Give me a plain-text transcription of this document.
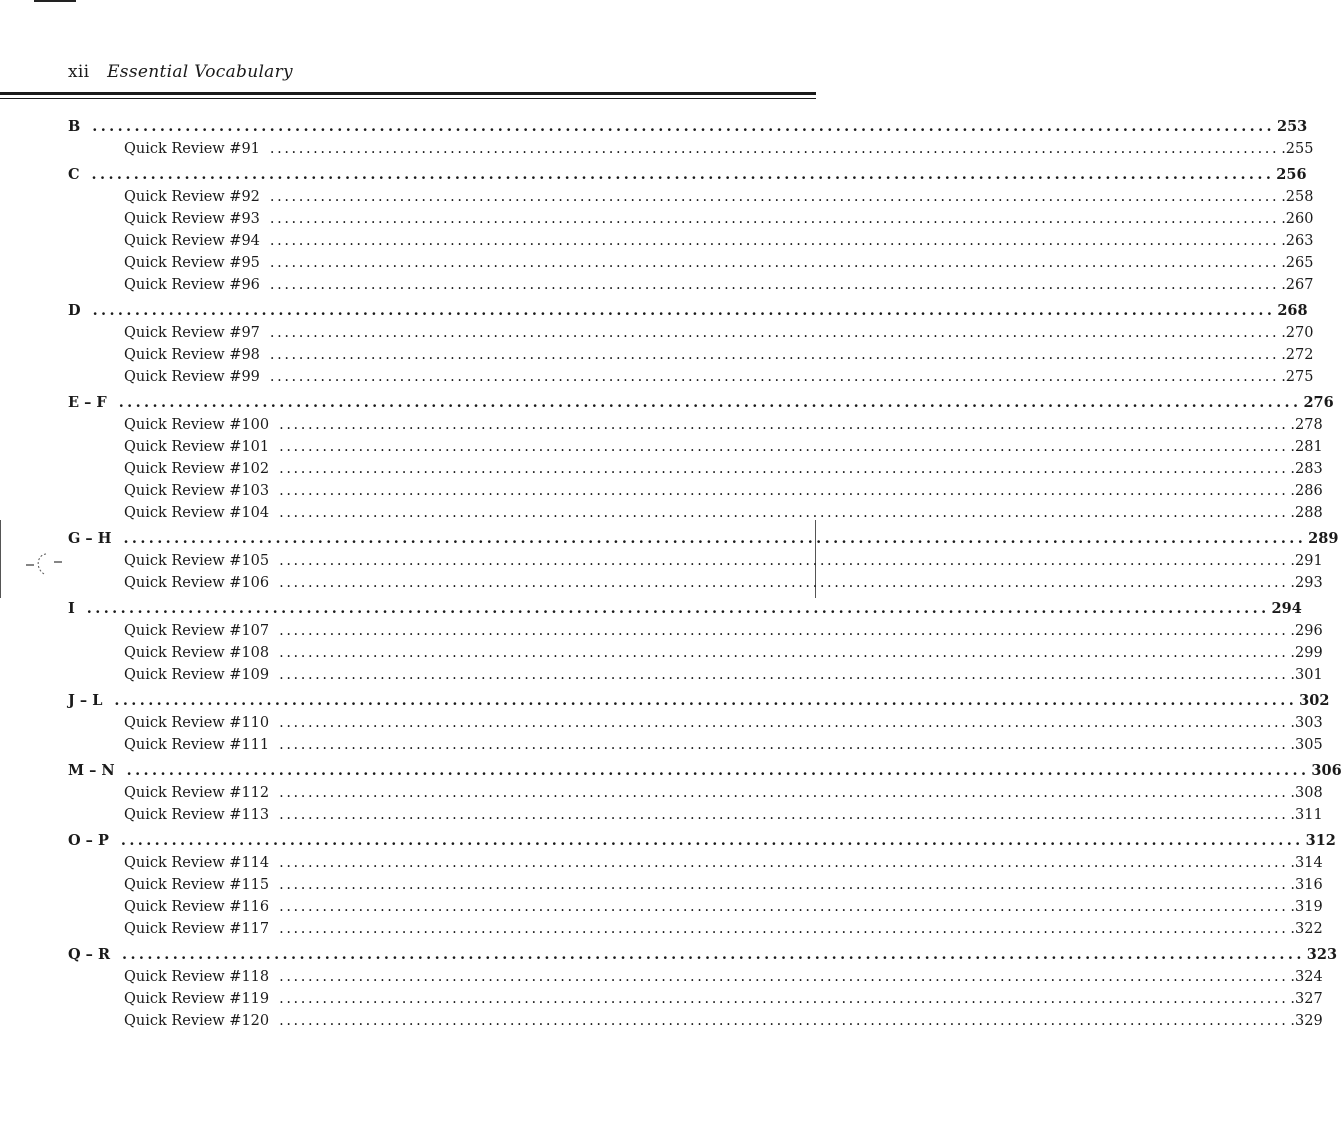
xii Essential Vocabulary
B ............................................................................................................................................ 253
Quick Review #91 ............................................................................................................................................ .255
C ............................................................................................................................................ 256
Quick Review #92 ............................................................................................................................................ .258
Quick Review #93 ............................................................................................................................................ .260
Quick Review #94 ............................................................................................................................................ .263
Quick Review #95 ............................................................................................................................................ .265
Quick Review #96 ............................................................................................................................................ .267
D ............................................................................................................................................ 268
Quick Review #97 ............................................................................................................................................ .270
Quick Review #98 ............................................................................................................................................ .272
Quick Review #99 ............................................................................................................................................ .275
E – F ............................................................................................................................................ 276
Quick Review #100 ............................................................................................................................................ .278
Quick Review #101 ............................................................................................................................................ .281
Quick Review #102 ............................................................................................................................................ .283
Quick Review #103 ............................................................................................................................................ .286
Quick Review #104 ............................................................................................................................................ .288
G – H ............................................................................................................................................ 289
Quick Review #105 ............................................................................................................................................ .291
Quick Review #106 ............................................................................................................................................ .293
I ............................................................................................................................................ 294
Quick Review #107 ............................................................................................................................................ .296
Quick Review #108 ............................................................................................................................................ .299
Quick Review #109 ............................................................................................................................................ .301
J – L ............................................................................................................................................ 302
Quick Review #110 ............................................................................................................................................ .303
Quick Review #111 ............................................................................................................................................ .305
M – N ............................................................................................................................................ 306
Quick Review #112 ............................................................................................................................................ .308
Quick Review #113 ............................................................................................................................................ .311
O – P ............................................................................................................................................ 312
Quick Review #114 ............................................................................................................................................ .314
Quick Review #115 ............................................................................................................................................ .316
Quick Review #116 ............................................................................................................................................ .319
Quick Review #117 ............................................................................................................................................ .322
Q – R ............................................................................................................................................ 323
Quick Review #118 ............................................................................................................................................ .324
Quick Review #119 ............................................................................................................................................ .327
Quick Review #120 ............................................................................................................................................ .329
